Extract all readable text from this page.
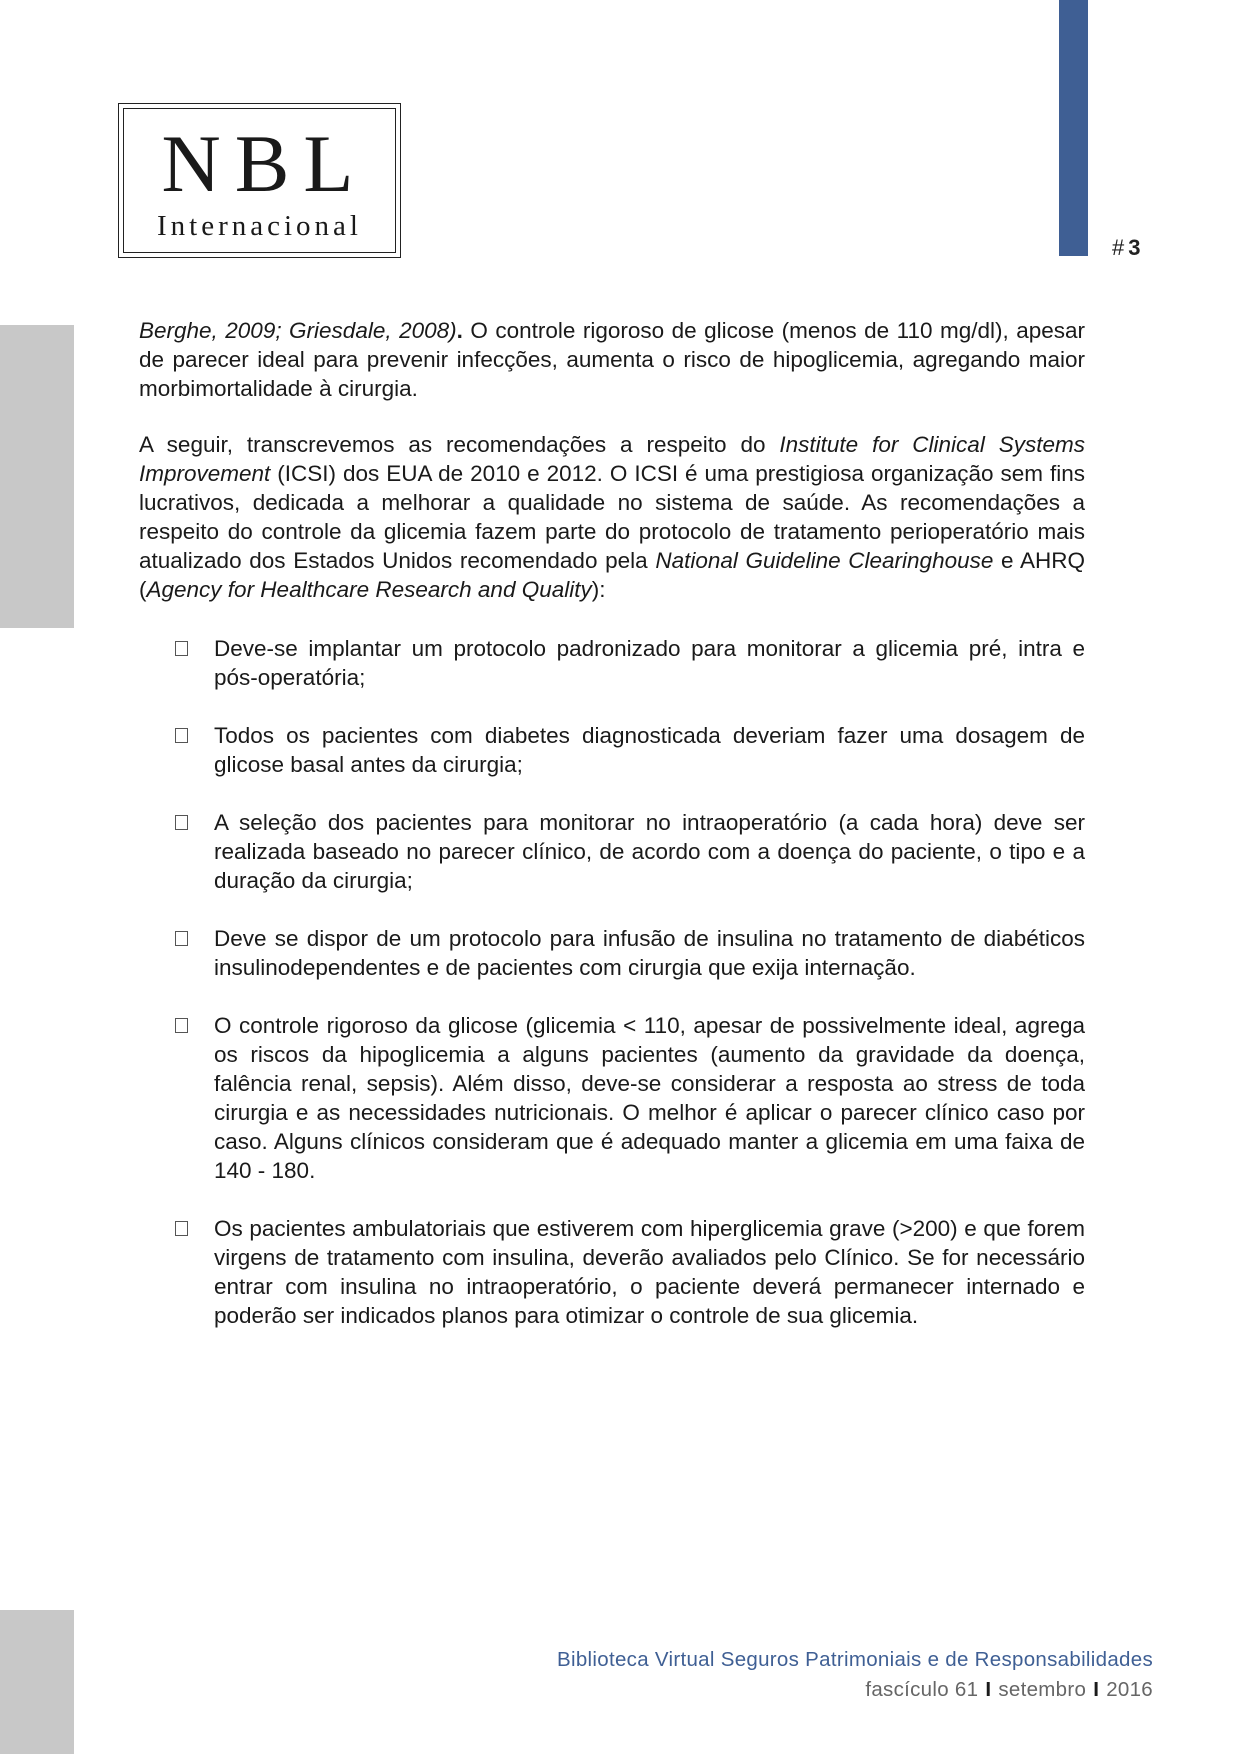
# 3
NBL
Internacional

Berghe, 2009; Griesdale, 2008). O controle rigoroso de glicose (menos de 110 mg/dl), apesar de parecer ideal para prevenir infecções, aumenta o risco de hipoglicemia, agregando maior morbimortalidade à cirurgia.

A seguir, transcrevemos as recomendações a respeito do Institute for Clinical Systems Improvement (ICSI) dos EUA de 2010 e 2012. O ICSI é uma prestigiosa organização sem fins lucrativos, dedicada a melhorar a qualidade no sistema de saúde. As recomendações a respeito do controle da glicemia fazem parte do protocolo de tratamento perioperatório mais atualizado dos Estados Unidos recomendado pela National Guideline Clearinghouse e AHRQ (Agency for Healthcare Research and Quality):

Deve-se implantar um protocolo padronizado para monitorar a glicemia pré, intra e pós-operatória;
Todos os pacientes com diabetes diagnosticada deveriam fazer uma dosagem de glicose basal antes da cirurgia;
A seleção dos pacientes para monitorar no intraoperatório (a cada hora) deve ser realizada baseado no parecer clínico, de acordo com a doença do paciente, o tipo e a duração da cirurgia;
Deve se dispor de um protocolo para infusão de insulina no tratamento de diabéticos insulinodependentes e de pacientes com cirurgia que exija internação.
O controle rigoroso da glicose (glicemia < 110, apesar de possivelmente ideal, agrega os riscos da hipoglicemia a alguns pacientes (aumento da gravidade da doença, falência renal, sepsis). Além disso, deve-se considerar a resposta ao stress de toda cirurgia e as necessidades nutricionais. O melhor é aplicar o parecer clínico caso por caso. Alguns clínicos consideram que é adequado manter a glicemia em uma faixa de 140 - 180.
Os pacientes ambulatoriais que estiverem com hiperglicemia grave (>200) e que forem virgens de tratamento com insulina, deverão avaliados pelo Clínico. Se for necessário entrar com insulina no intraoperatório, o paciente deverá permanecer internado e poderão ser indicados planos para otimizar o controle de sua glicemia.
Biblioteca Virtual Seguros Patrimoniais e de Responsabilidades
fascículo 61 I setembro I 2016
